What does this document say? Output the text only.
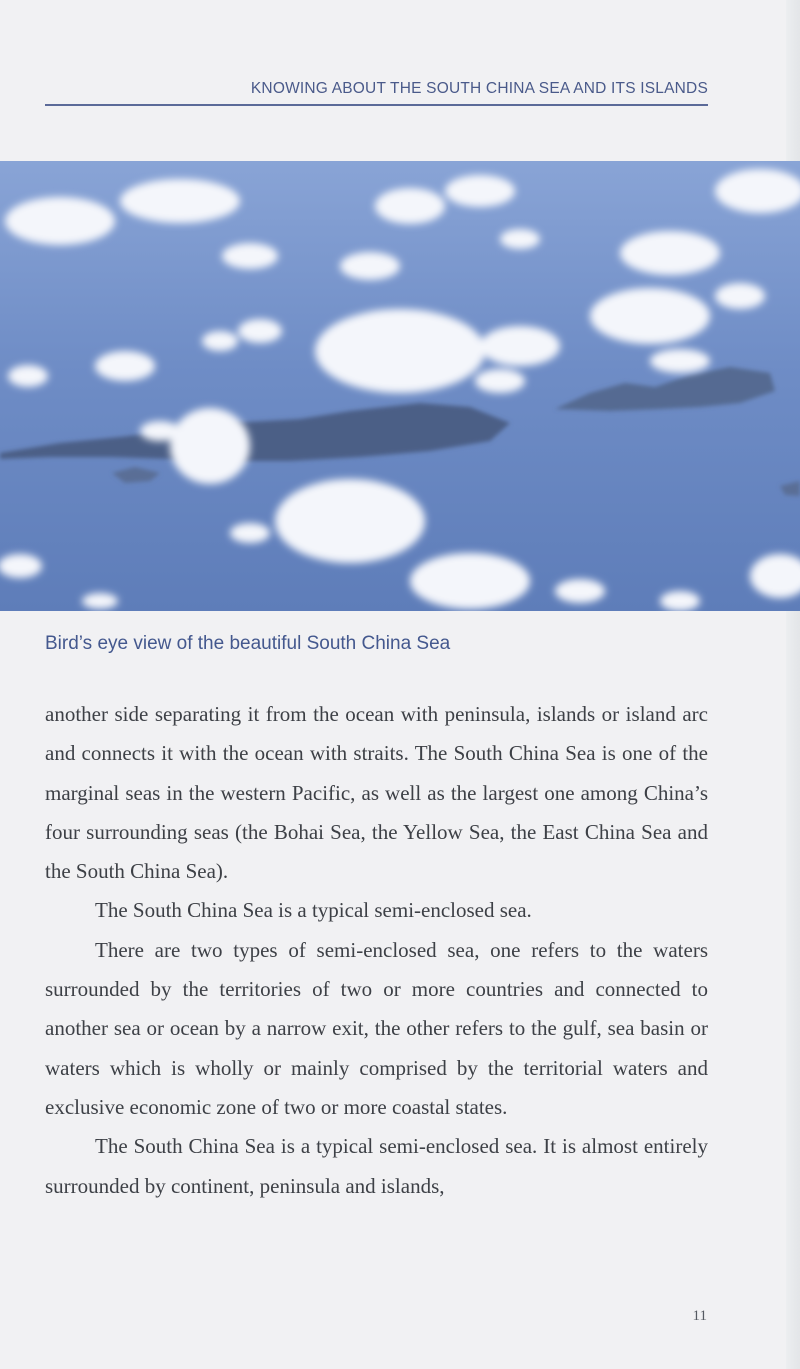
KNOWING ABOUT THE SOUTH CHINA SEA AND ITS ISLANDS
Bird’s eye view of the beautiful South China Sea

another side separating it from the ocean with peninsula, islands or island arc and connects it with the ocean with straits. The South China Sea is one of the marginal seas in the western Pacific, as well as the largest one among China’s four surrounding seas (the Bohai Sea, the Yellow Sea, the East China Sea and the South China Sea).

The South China Sea is a typical semi-enclosed sea.

There are two types of semi-enclosed sea, one refers to the waters surrounded by the territories of two or more countries and connected to another sea or ocean by a narrow exit, the other refers to the gulf, sea basin or waters which is wholly or mainly comprised by the territorial waters and exclusive economic zone of two or more coastal states.

The South China Sea is a typical semi-enclosed sea. It is almost entirely surrounded by continent, peninsula and islands,

11
